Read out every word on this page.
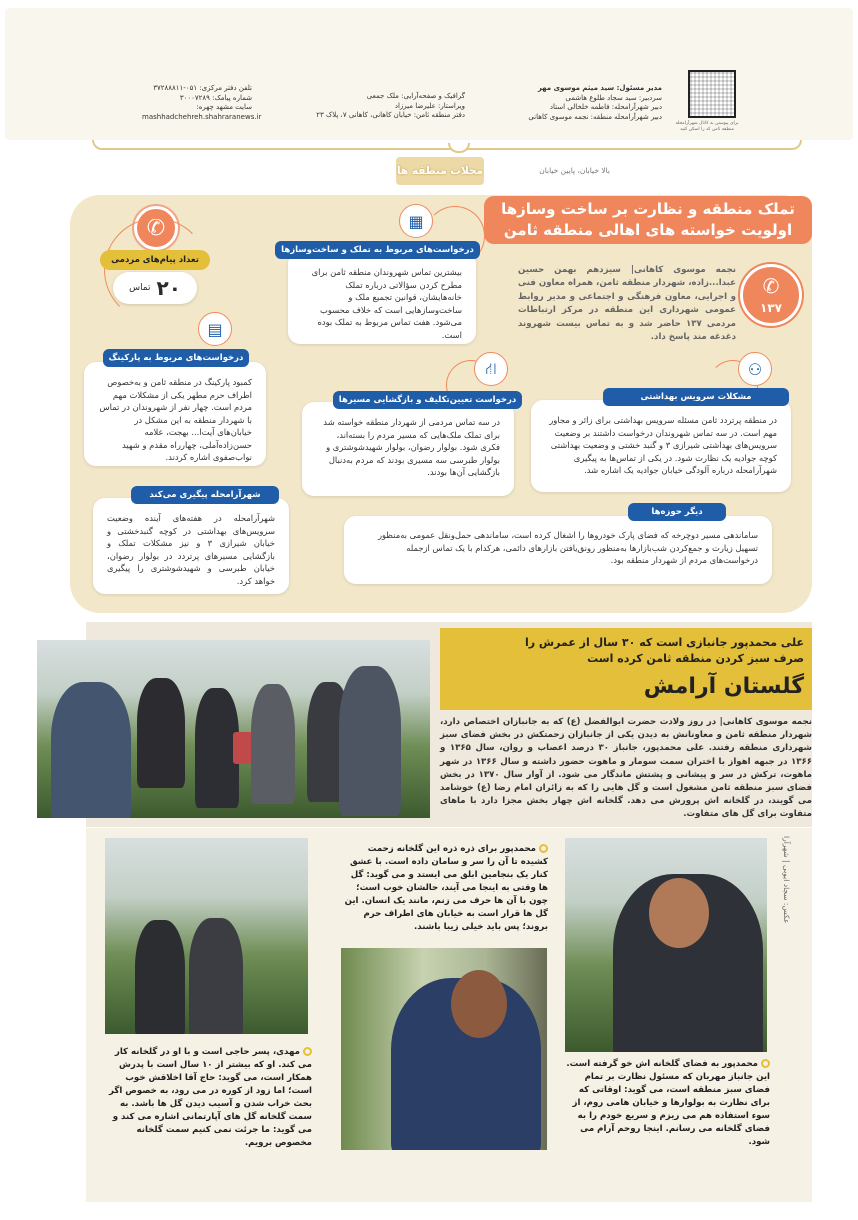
برای پیوستن به کانال شهرآرامحله منطقه ثامن کد را اسکن کنید
مدیر مسئول: سید میثم موسوی مهر
سردبیر: سید سجاد طلوع هاشمی
دبیر شهرآرامحله: فاطمه خلخالی استاد
دبیر شهرآرامحله منطقه: نجمه موسوی کاهانی
گرافیک و صفحه‌آرایی: ملک جمعی
ویراستار: علیرضا میرزاد
دفتر منطقه ثامن: خیابان کاهانی، کاهانی ۷، پلاک ۲۳
تلفن دفتر مرکزی: ۰۵۱-۳۷۲۸۸۸۱۱
شماره پیامک: ۳۰۰۰۷۲۸۹
سایت مشهد چهره:
mashhadchehreh.shahraranews.ir
محلات منطقه ها	بالا خیابان، پایین خیابان
تملک منطقه و نظارت بر ساخت وسازها
اولویت خواسته های اهالی منطقه ثامن
✆
۱۳۷
نجمه موسوی کاهانی| سیزدهم بهمن حسین عبدا...زاده، شهردار منطقه ثامن، همراه معاون فنی و اجرایی، معاون فرهنگی و اجتماعی و مدیر روابط عمومی شهرداری این منطقه در مرکز ارتباطات مردمی ۱۳۷ حاضر شد و به تماس بیست شهروند دغدغه مند پاسخ داد.
✆
تعداد پیام‌های مردمی
۲۰
تماس
▦
درخواست‌های مربوط به تملک و ساخت‌وسازها
بیشترین تماس شهروندان منطقه ثامن برای مطرح کردن سؤالاتی درباره تملک خانه‌هایشان، قوانین تجمیع ملک و ساخت‌وسازهایی است که خلاف محسوب می‌شود. هفت تماس مربوط به تملک بوده است.
▤
درخواست‌های مربوط به پارکینگ
کمبود پارکینگ در منطقه ثامن و به‌خصوص اطراف حرم مطهر یکی از مشکلات مهم مردم است. چهار نفر از شهروندان در تماس با شهردار منطقه به این مشکل در خیابان‌های آیت‌ا... بهجت، علامه حسن‌زاده‌آملی، چهارراه مقدم و شهید نواب‌صفوی اشاره کردند.
⛙
درخواست تعیین‌تکلیف و بازگشایی مسیرها
در سه تماس مردمی از شهردار منطقه خواسته شد برای تملک ملک‌هایی که مسیر مردم را بسته‌اند، فکری شود. بولوار رضوان، بولوار شهیدشوشتری و بولوار طبرسی سه مسیری بودند که مردم به‌دنبال بازگشایی آن‌ها بودند.
⚇
مشکلات سرویس بهداشتی
در منطقه پرتردد ثامن مسئله سرویس بهداشتی برای زائر و مجاور مهم است. در سه تماس شهروندان درخواست داشتند بر وضعیت سرویس‌های بهداشتی شیرازی ۳ و گنبد خشتی و وضعیت بهداشتی کوچه جوادیه یک نظارت شود. در یکی از تماس‌ها به پیگیری شهرآرامحله درباره آلودگی خیابان جوادیه یک اشاره شد.
شهرآرامحله پیگیری می‌کند
شهرآرامحله در هفته‌های آینده وضعیت سرویس‌های بهداشتی در کوچه گنبدخشتی و خیابان شیرازی ۳ و نیز مشکلات تملک و بازگشایی مسیرهای پرتردد در بولوار رضوان، خیابان طبرسی و شهیدشوشتری را پیگیری خواهد کرد.
دیگر حوزه‌ها
ساماندهی مسیر دوچرخه که فضای پارک خودروها را اشغال کرده است، ساماندهی حمل‌ونقل عمومی به‌منظور تسهیل زیارت و جمع‌کردن شب‌بازارها به‌منظور رونق‌یافتن بازارهای دائمی، هرکدام با یک تماس ازجمله درخواست‌های مردم از شهردار منطقه بود.
علی محمدپور جانبازی است که ۳۰ سال از عمرش را
صرف سبز کردن منطقه ثامن کرده است
گلستان آرامش
نجمه موسوی کاهانی| در روز ولادت حضرت ابوالفضل (ع) که به جانبازان اختصاص دارد، شهردار منطقه ثامن و معاونانش به دیدن یکی از جانبازان زحمتکش در بخش فضای سبز شهرداری منطقه رفتند. علی محمدپور، جانباز ۳۰ درصد اعصاب و روان، سال ۱۳۶۵ و ۱۳۶۶ در جبهه اهواز با اختران سمت سومار و ماهوت حضور داشته و سال ۱۳۶۶ در شهر ماهوت، ترکش در سر و پیشانی و پشتش ماندگار می شود. از آوار سال ۱۳۷۰ در بخش فضای سبز منطقه ثامن مشغول است و گل هایی را که به زائران امام رضا (ع) خوشامد می گویند، در گلخانه اش پرورش می دهد. گلخانه اش چهار بخش مجزا دارد با ماهای متفاوت برای گل های متفاوت.
عکس: سجاد ایوبی | شهرآرا
محمدپور به فضای گلخانه اش خو گرفته است. این جانباز مهربان که مسئول نظارت بر تمام فضای سبز منطقه است، می گوید: اوقاتی که برای نظارت به بولوارها و خیابان هامی روم، از سوء استفاده هم می ریزم و سریع خودم را به فضای گلخانه می رسانم. اینجا روحم آرام می شود.
محمدپور برای ذره ذره این گلخانه زحمت کشیده تا آن را سر و سامان داده است. با عشق کنار یک بنجامین ابلق می ایستد و می گوید: گل ها وقتی به اینجا می آیند، حالشان خوب است؛ چون با آن ها حرف می زنم، مانند یک انسان. این گل ها قرار است به خیابان های اطراف حرم بروند؛ پس باید خیلی زیبا باشند.
مهدی، پسر حاجی است و با او در گلخانه کار می کند. او که بیشتر از ۱۰ سال است با پدرش همکار است، می گوید: حاج آقا اخلاقش خوب است؛ اما زود از کوره در می رود، به خصوص اگر بحث خراب شدن و آسیب دیدن گل ها باشد. به سمت گلخانه گل های آپارتمانی اشاره می کند و می گوید: ما جرئت نمی کنیم سمت گلخانه مخصوص برویم.
